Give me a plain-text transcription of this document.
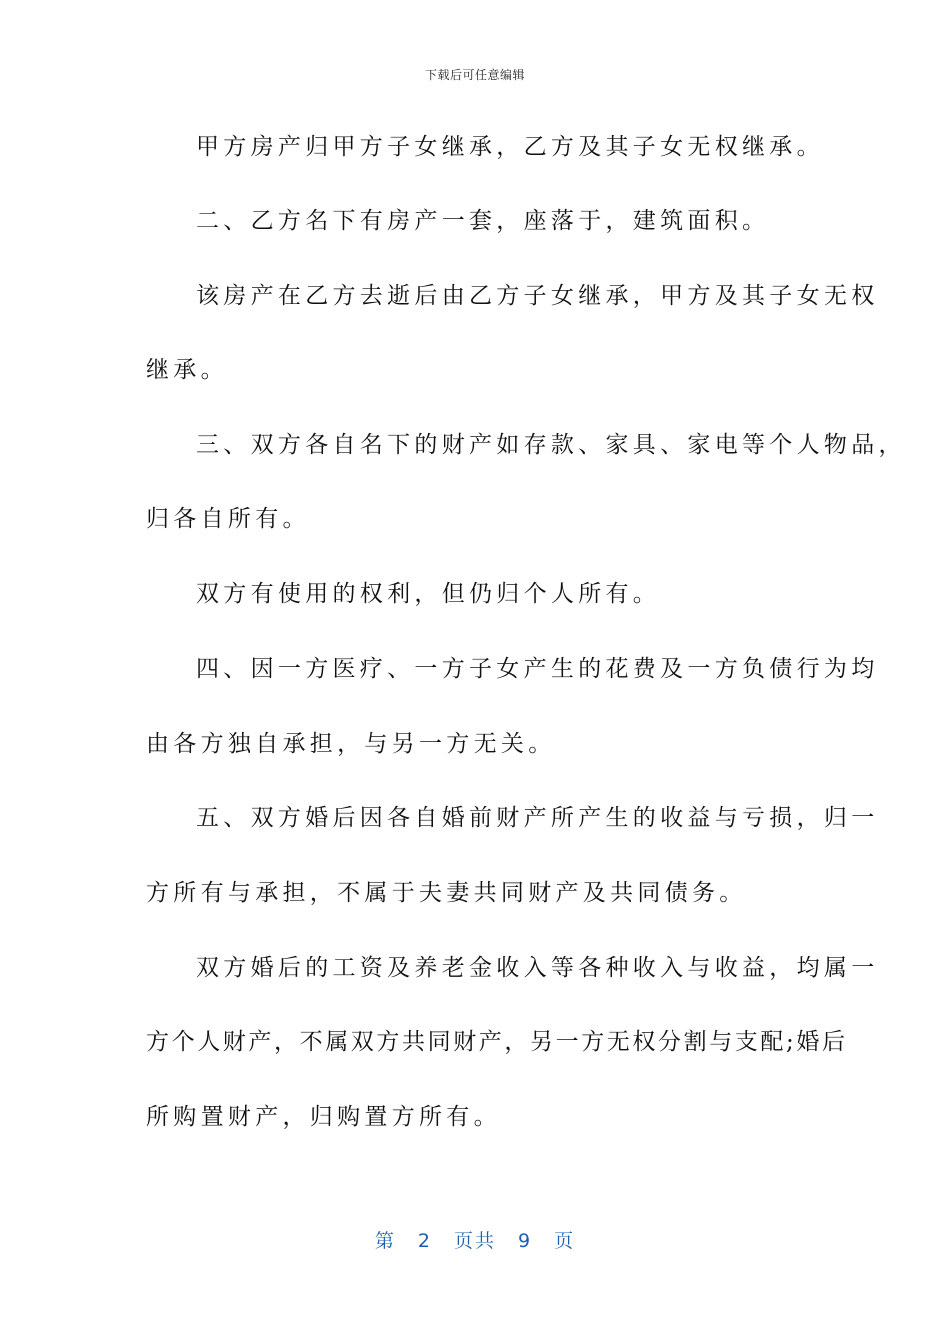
下载后可任意编辑
甲方房产归甲方子女继承，乙方及其子女无权继承。
二、乙方名下有房产一套，座落于，建筑面积。
该房产在乙方去逝后由乙方子女继承，甲方及其子女无权
继承。
三、双方各自名下的财产如存款、家具、家电等个人物品，
归各自所有。
双方有使用的权利，但仍归个人所有。
四、因一方医疗、一方子女产生的花费及一方负债行为均
由各方独自承担，与另一方无关。
五、双方婚后因各自婚前财产所产生的收益与亏损，归一
方所有与承担，不属于夫妻共同财产及共同债务。
双方婚后的工资及养老金收入等各种收入与收益，均属一
方个人财产，不属双方共同财产，另一方无权分割与支配;婚后
所购置财产，归购置方所有。
第 2 页共 9 页
